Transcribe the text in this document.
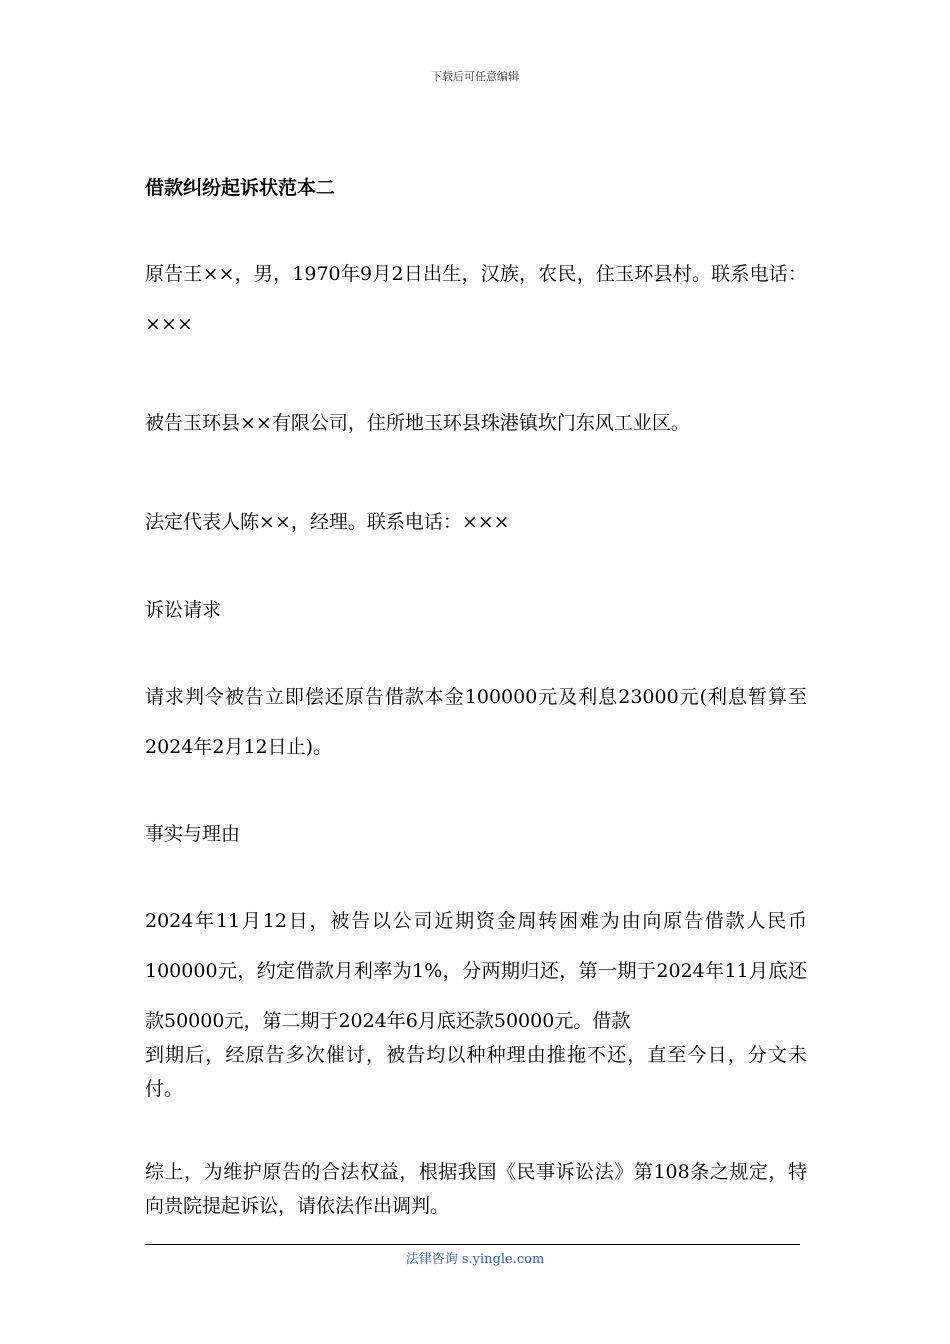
下载后可任意编辑
借款纠纷起诉状范本二

原告王××，男，1970年9月2日出生，汉族，农民，住玉环县村。联系电话：×××

被告玉环县××有限公司，住所地玉环县珠港镇坎门东风工业区。

法定代表人陈××，经理。联系电话：×××

诉讼请求

请求判令被告立即偿还原告借款本金100000元及利息23000元(利息暂算至2024年2月12日止)。

事实与理由

2024年11月12日，被告以公司近期资金周转困难为由向原告借款人民币100000元，约定借款月利率为1%，分两期归还，第一期于2024年11月底还款50000元，第二期于2024年6月底还款50000元。借款

到期后，经原告多次催讨，被告均以种种理由推拖不还，直至今日，分文未付。

综上，为维护原告的合法权益，根据我国《民事诉讼法》第108条之规定，特向贵院提起诉讼，请依法作出调判。

法律咨询 s.yingle.com
